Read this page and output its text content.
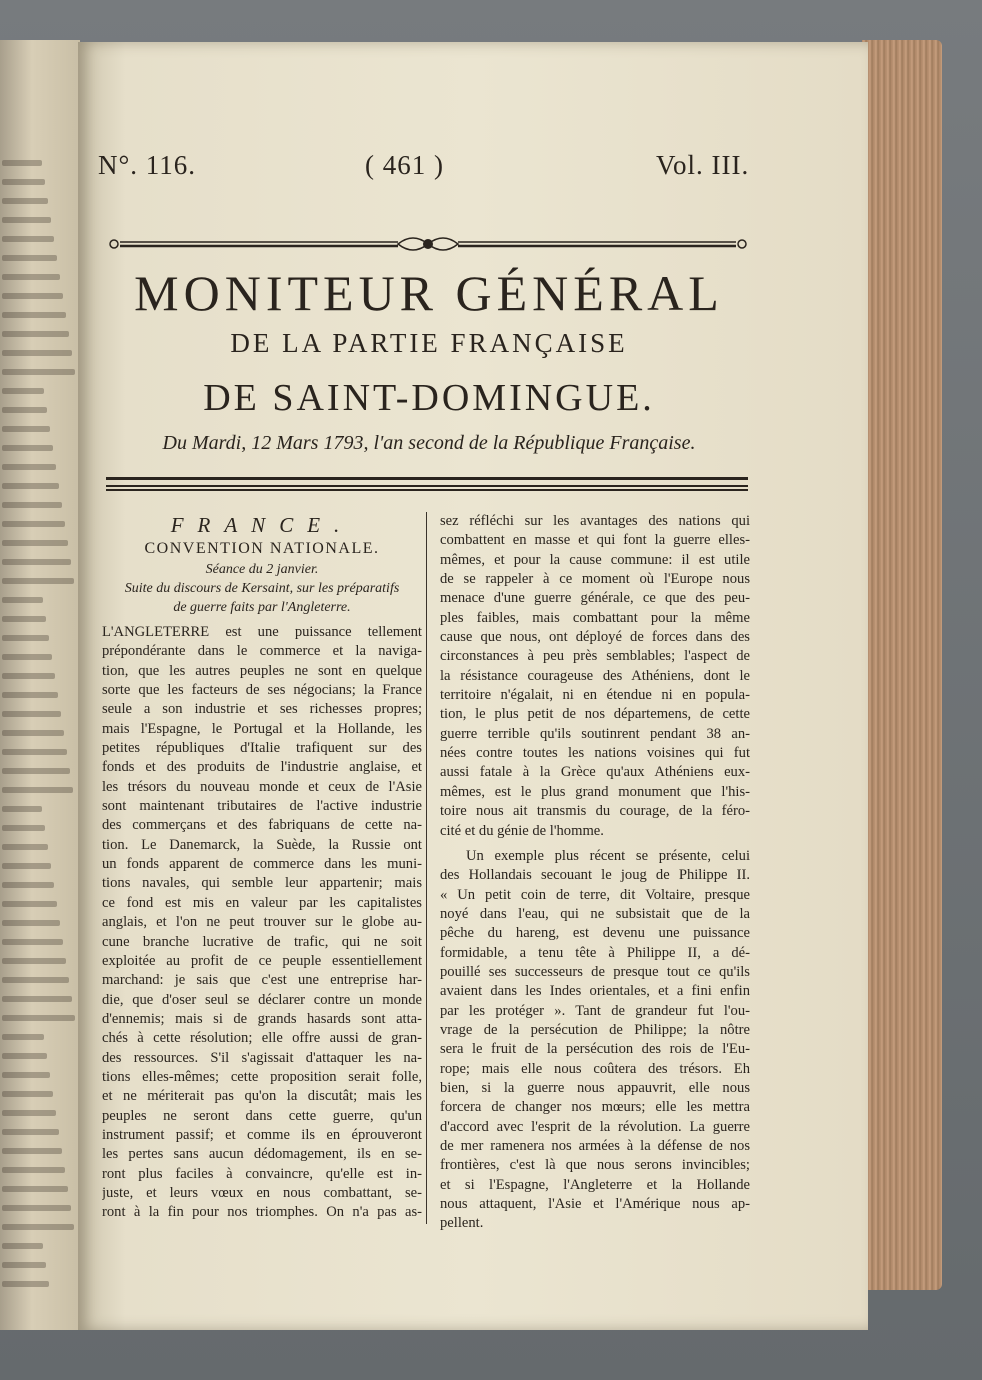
N°. 116.	( 461 )	Vol. III.
MONITEUR GÉNÉRAL
DE LA PARTIE FRANÇAISE
DE SAINT-DOMINGUE.
Du Mardi, 12 Mars 1793, l'an second de la République Française.
FRANCE.
CONVENTION NATIONALE.
Séance du 2 janvier.
Suite du discours de Kersaint, sur les préparatifs
de guerre faits par l'Angleterre.
L'ANGLETERRE est une puissance tellement
prépondérante dans le commerce et la naviga-
tion, que les autres peuples ne sont en quelque
sorte que les facteurs de ses négocians; la France
seule a son industrie et ses richesses propres;
mais l'Espagne, le Portugal et la Hollande, les
petites républiques d'Italie trafiquent sur des
fonds et des produits de l'industrie anglaise, et
les trésors du nouveau monde et ceux de l'Asie
sont maintenant tributaires de l'active industrie
des commerçans et des fabriquans de cette na-
tion. Le Danemarck, la Suède, la Russie ont
un fonds apparent de commerce dans les muni-
tions navales, qui semble leur appartenir; mais
ce fond est mis en valeur par les capitalistes
anglais, et l'on ne peut trouver sur le globe au-
cune branche lucrative de trafic, qui ne soit
exploitée au profit de ce peuple essentiellement
marchand: je sais que c'est une entreprise har-
die, que d'oser seul se déclarer contre un monde
d'ennemis; mais si de grands hasards sont atta-
chés à cette résolution; elle offre aussi de gran-
des ressources. S'il s'agissait d'attaquer les na-
tions elles-mêmes; cette proposition serait folle,
et ne mériterait pas qu'on la discutât; mais les
peuples ne seront dans cette guerre, qu'un
instrument passif; et comme ils en éprouveront
les pertes sans aucun dédomagement, ils en se-
ront plus faciles à convaincre, qu'elle est in-
juste, et leurs vœux en nous combattant, se-
ront à la fin pour nos triomphes. On n'a pas as-
sez réfléchi sur les avantages des nations qui
combattent en masse et qui font la guerre elles-
mêmes, et pour la cause commune: il est utile
de se rappeler à ce moment où l'Europe nous
menace d'une guerre générale, ce que des peu-
ples faibles, mais combattant pour la même
cause que nous, ont déployé de forces dans des
circonstances à peu près semblables; l'aspect de
la résistance courageuse des Athéniens, dont le
territoire n'égalait, ni en étendue ni en popula-
tion, le plus petit de nos départemens, de cette
guerre terrible qu'ils soutinrent pendant 38 an-
nées contre toutes les nations voisines qui fut
aussi fatale à la Grèce qu'aux Athéniens eux-
mêmes, est le plus grand monument que l'his-
toire nous ait transmis du courage, de la féro-
cité et du génie de l'homme.
Un exemple plus récent se présente, celui
des Hollandais secouant le joug de Philippe II.
« Un petit coin de terre, dit Voltaire, presque
noyé dans l'eau, qui ne subsistait que de la
pêche du hareng, est devenu une puissance
formidable, a tenu tête à Philippe II, a dé-
pouillé ses successeurs de presque tout ce qu'ils
avaient dans les Indes orientales, et a fini enfin
par les protéger ». Tant de grandeur fut l'ou-
vrage de la persécution de Philippe; la nôtre
sera le fruit de la persécution des rois de l'Eu-
rope; mais elle nous coûtera des trésors. Eh
bien, si la guerre nous appauvrit, elle nous
forcera de changer nos mœurs; elle les mettra
d'accord avec l'esprit de la révolution. La guerre
de mer ramenera nos armées à la défense de nos
frontières, c'est là que nous serons invincibles;
et si l'Espagne, l'Angleterre et la Hollande
nous attaquent, l'Asie et l'Amérique nous ap-
pellent.
